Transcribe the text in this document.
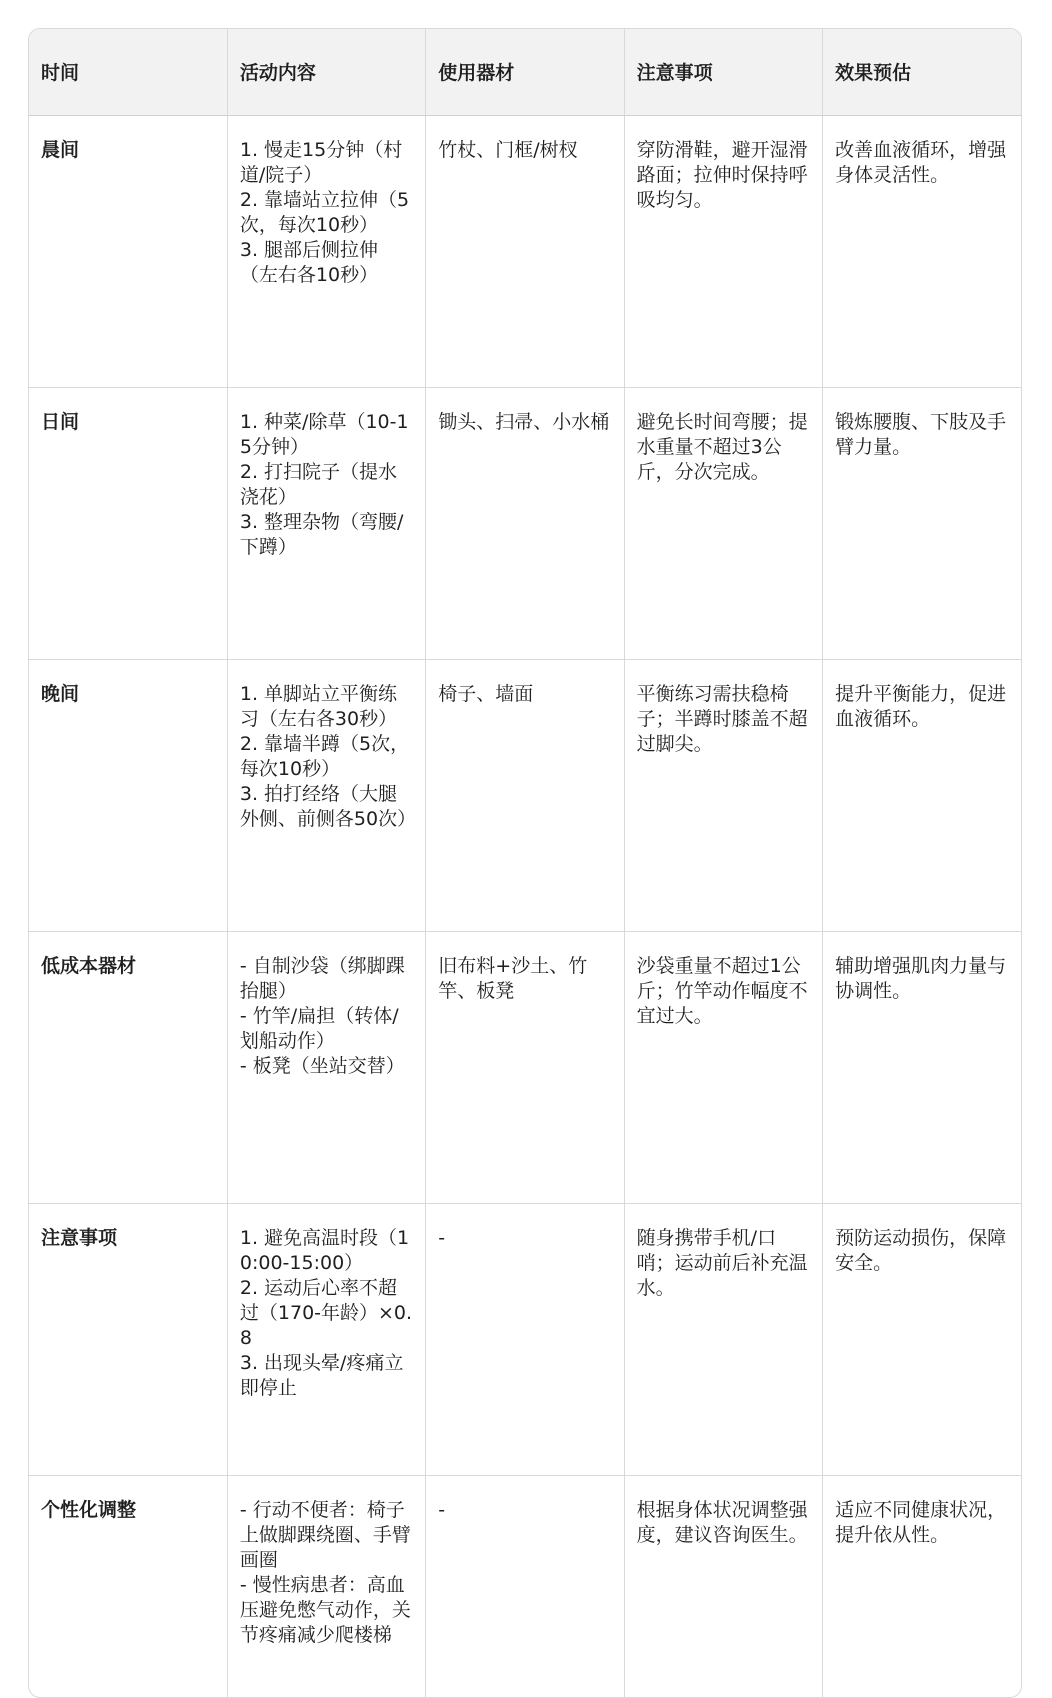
时间	活动内容	使用器材	注意事项	效果预估
晨间	1. 慢走15分钟（村道/院子）
2. 靠墙站立拉伸（5次，每次10秒）
3. 腿部后侧拉伸（左右各10秒）	竹杖、门框/树杈	穿防滑鞋，避开湿滑路面；拉伸时保持呼吸均匀。	改善血液循环，增强身体灵活性。
日间	1. 种菜/除草（10-15分钟）
2. 打扫院子（提水浇花）
3. 整理杂物（弯腰/下蹲）	锄头、扫帚、小水桶	避免长时间弯腰；提水重量不超过3公斤，分次完成。	锻炼腰腹、下肢及手臂力量。
晚间	1. 单脚站立平衡练习（左右各30秒）
2. 靠墙半蹲（5次，每次10秒）
3. 拍打经络（大腿外侧、前侧各50次）	椅子、墙面	平衡练习需扶稳椅子；半蹲时膝盖不超过脚尖。	提升平衡能力，促进血液循环。
低成本器材	- 自制沙袋（绑脚踝抬腿）
- 竹竿/扁担（转体/划船动作）
- 板凳（坐站交替）	旧布料+沙土、竹竿、板凳	沙袋重量不超过1公斤；竹竿动作幅度不宜过大。	辅助增强肌肉力量与协调性。
注意事项	1. 避免高温时段（10:00-15:00）
2. 运动后心率不超过（170-年龄）×0.8
3. 出现头晕/疼痛立即停止	-	随身携带手机/口哨；运动前后补充温水。	预防运动损伤，保障安全。
个性化调整	- 行动不便者：椅子上做脚踝绕圈、手臂画圈
- 慢性病患者：高血压避免憋气动作，关节疼痛减少爬楼梯	-	根据身体状况调整强度，建议咨询医生。	适应不同健康状况，提升依从性。
